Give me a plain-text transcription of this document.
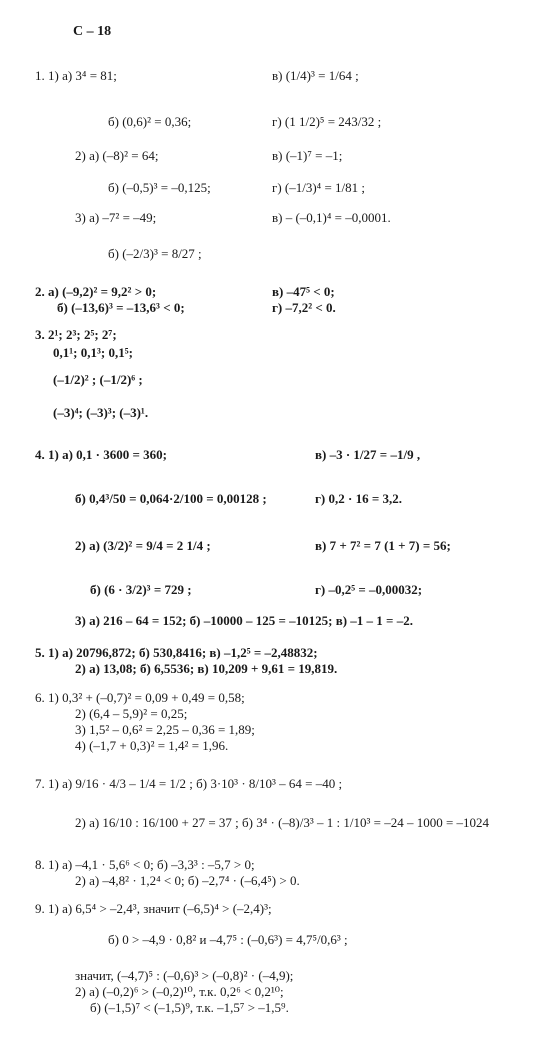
С – 18
1. 1) а) 3⁴ = 81;	в) (1/4)³ = 1/64 ;
б) (0,6)² = 0,36;	г) (1 1/2)⁵ = 243/32 ;
2) а) (–8)² = 64;	в) (–1)⁷ = –1;
б) (–0,5)³ = –0,125;	г) (–1/3)⁴ = 1/81 ;
3) а) –7² = –49;	в) – (–0,1)⁴ = –0,0001.
б) (–2/3)³ = 8/27 ;
2. а) (–9,2)² = 9,2² > 0;	в) –47⁵ < 0;
б) (–13,6)³ = –13,6³ < 0;	г) –7,2² < 0.
3. 2¹; 2³; 2⁵; 2⁷;
0,1¹; 0,1³; 0,1⁵;
(–1/2)² ; (–1/2)⁶ ;
(–3)⁴; (–3)³; (–3)¹.
4. 1) а) 0,1 · 3600 = 360;	в) –3 · 1/27 = –1/9 ,
б) 0,4³/50 = 0,064·2/100 = 0,00128 ;	г) 0,2 · 16 = 3,2.
2) а) (3/2)² = 9/4 = 2 1/4 ;	в) 7 + 7² = 7 (1 + 7) = 56;
б) (6 · 3/2)³ = 729 ;	г) –0,2⁵ = –0,00032;
3) а) 216 – 64 = 152; б) –10000 – 125 = –10125; в) –1 – 1 = –2.
5. 1) а) 20796,872; б) 530,8416; в) –1,2⁵ = –2,48832;
2) а) 13,08; б) 6,5536; в) 10,209 + 9,61 = 19,819.
6. 1) 0,3² + (–0,7)² = 0,09 + 0,49 = 0,58;
2) (6,4 – 5,9)² = 0,25;
3) 1,5² – 0,6² = 2,25 – 0,36 = 1,89;
4) (–1,7 + 0,3)² = 1,4² = 1,96.
7. 1) а) 9/16 · 4/3 – 1/4 = 1/2 ; б) 3·10³ · 8/10³ – 64 = –40 ;
2) а) 16/10 : 16/100 + 27 = 37 ; б) 3⁴ · (–8)/3³ – 1 : 1/10³ = –24 – 1000 = –1024
8. 1) а) –4,1 · 5,6⁶ < 0; б) –3,3³ : –5,7 > 0;
2) а) –4,8² · 1,2⁴ < 0; б) –2,7⁴ · (–6,4⁵) > 0.
9. 1) а) 6,5⁴ > –2,4³, значит (–6,5)⁴ > (–2,4)³;
б) 0 > –4,9 · 0,8² и –4,7⁵ : (–0,6³) = 4,7⁵/0,6³ ;
значит, (–4,7)⁵ : (–0,6)³ > (–0,8)² · (–4,9);
2) а) (–0,2)⁶ > (–0,2)¹⁰, т.к. 0,2⁶ < 0,2¹⁰;
б) (–1,5)⁷ < (–1,5)⁹, т.к. –1,5⁷ > –1,5⁹.
